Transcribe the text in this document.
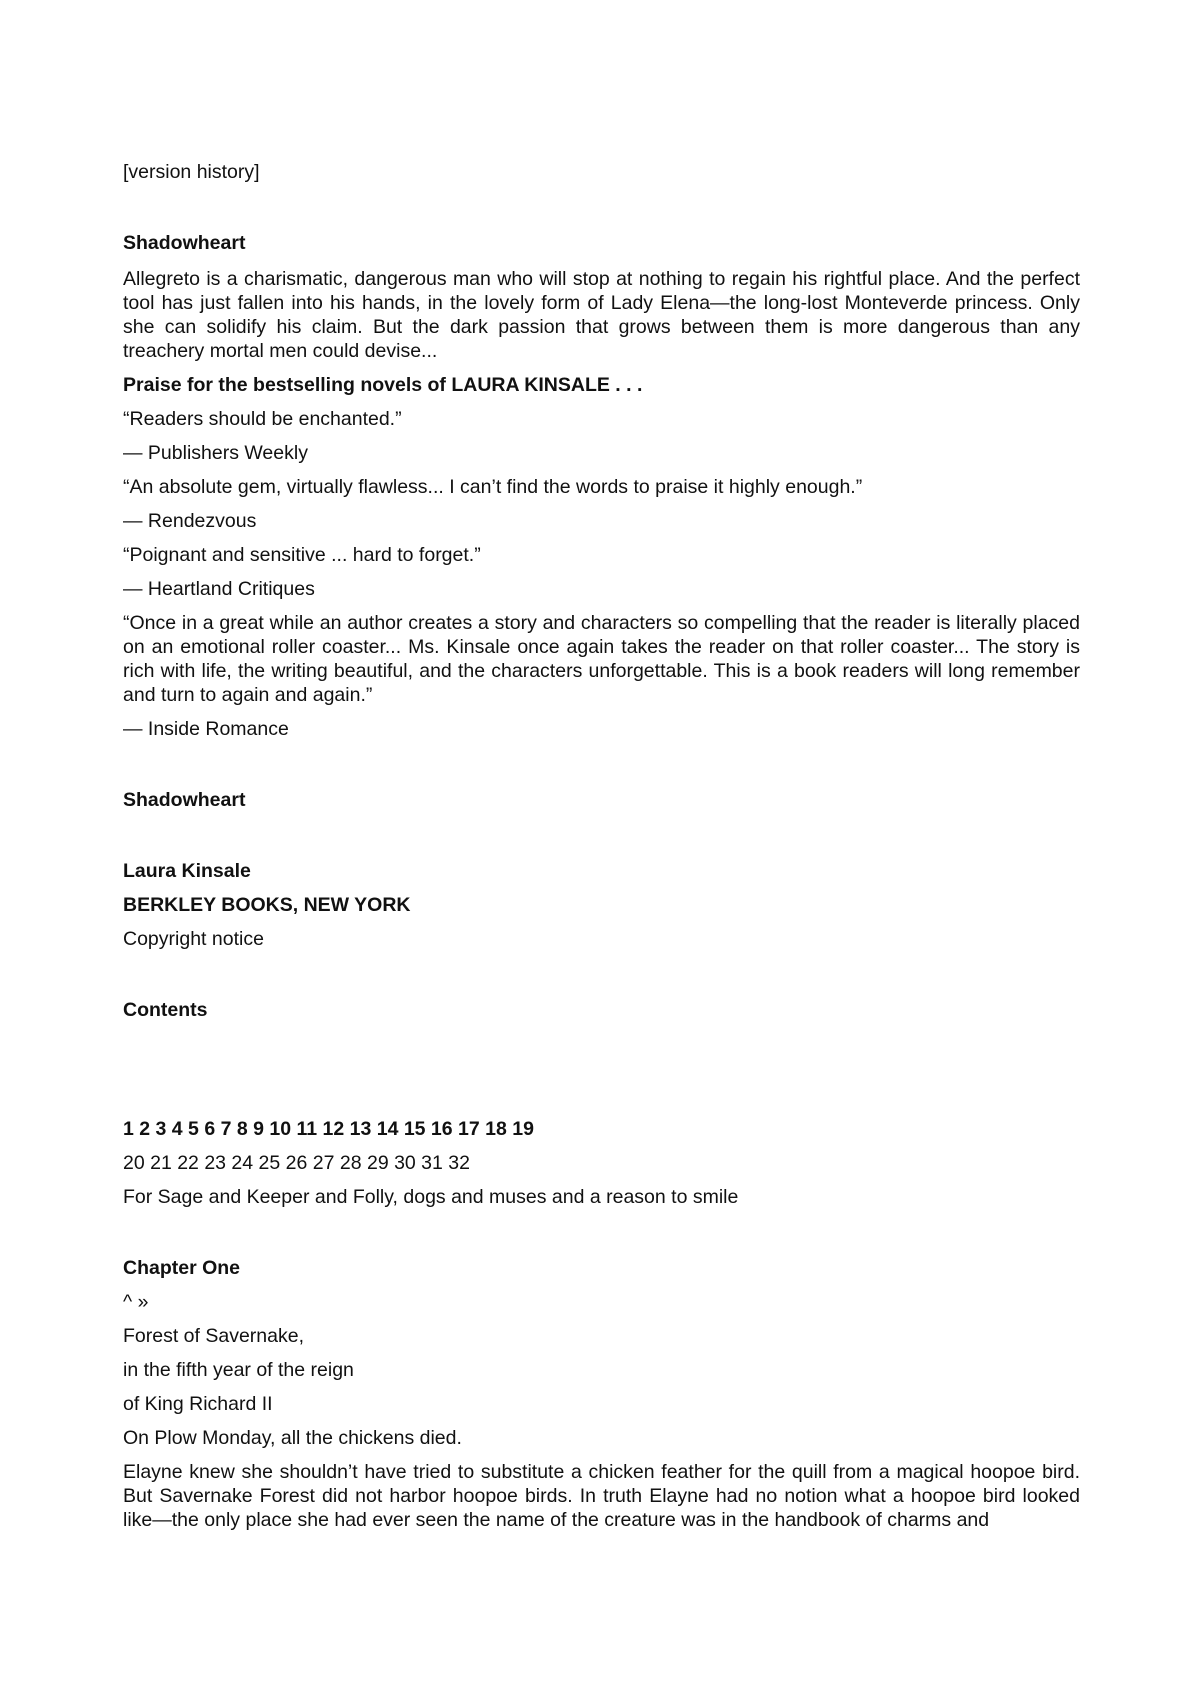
[version history]

Shadowheart

Allegreto is a charismatic, dangerous man who will stop at nothing to regain his rightful place. And the perfect tool has just fallen into his hands, in the lovely form of Lady Elena—the long-lost Monteverde princess. Only she can solidify his claim. But the dark passion that grows between them is more dangerous than any treachery mortal men could devise...

Praise for the bestselling novels of LAURA KINSALE . . .

“Readers should be enchanted.”

— Publishers Weekly

“An absolute gem, virtually flawless... I can’t find the words to praise it highly enough.”

— Rendezvous

“Poignant and sensitive ... hard to forget.”

— Heartland Critiques

“Once in a great while an author creates a story and characters so compelling that the reader is literally placed on an emotional roller coaster... Ms. Kinsale once again takes the reader on that roller coaster... The story is rich with life, the writing beautiful, and the characters unforgettable. This is a book readers will long remember and turn to again and again.”

— Inside Romance

Shadowheart

Laura Kinsale

BERKLEY BOOKS, NEW YORK

Copyright notice

Contents

1 2 3 4 5 6 7 8 9 10 11 12 13 14 15 16 17 18 19

20 21 22 23 24 25 26 27 28 29 30 31 32

For Sage and Keeper and Folly, dogs and muses and a reason to smile

Chapter One

^ »

Forest of Savernake,

in the fifth year of the reign

of King Richard II

On Plow Monday, all the chickens died.

Elayne knew she shouldn’t have tried to substitute a chicken feather for the quill from a magical hoopoe bird. But Savernake Forest did not harbor hoopoe birds. In truth Elayne had no notion what a hoopoe bird looked like—the only place she had ever seen the name of the creature was in the handbook of charms and
